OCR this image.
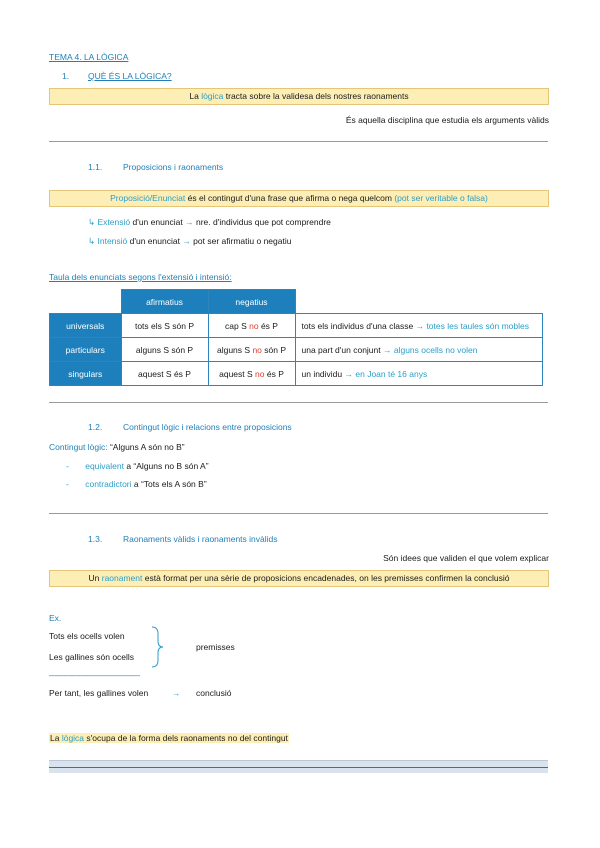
TEMA 4. LA LÒGICA
1. QUÈ ÉS LA LÒGICA?
La lògica tracta sobre la validesa dels nostres raonaments
És aquella disciplina que estudia els arguments vàlids
1.1. Proposicions i raonaments
Proposició/Enunciat és el contingut d'una frase que afirma o nega quelcom (pot ser veritable o falsa)
↳ Extensió d'un enunciat → nre. d'individus que pot comprendre
↳ Intensió d'un enunciat → pot ser afirmatiu o negatiu
Taula dels enunciats segons l'extensió i intensió:
	afirmatius	negatius	
universals	tots els S són P	cap S no és P	tots els individus d'una classe → totes les taules són mobles
particulars	alguns S són P	alguns S no són P	una part d'un conjunt → alguns ocells no volen
singulars	aquest S és P	aquest S no és P	un individu → en Joan té 16 anys
1.2. Contingut lògic i relacions entre proposicions
Contingut lògic: “Alguns A són no B”
- equivalent a “Alguns no B són A”
- contradictori a “Tots els A són B”
1.3. Raonaments vàlids i raonaments invàlids
Són idees que validen el que volem explicar
Un raonament està format per una sèrie de proposicions encadenades, on les premisses confirmen la conclusió
Ex.
Tots els ocells volen
Les gallines són ocells
premisses
————————————
Per tant, les gallines volen	→ conclusió
La lògica s'ocupa de la forma dels raonaments no del contingut
